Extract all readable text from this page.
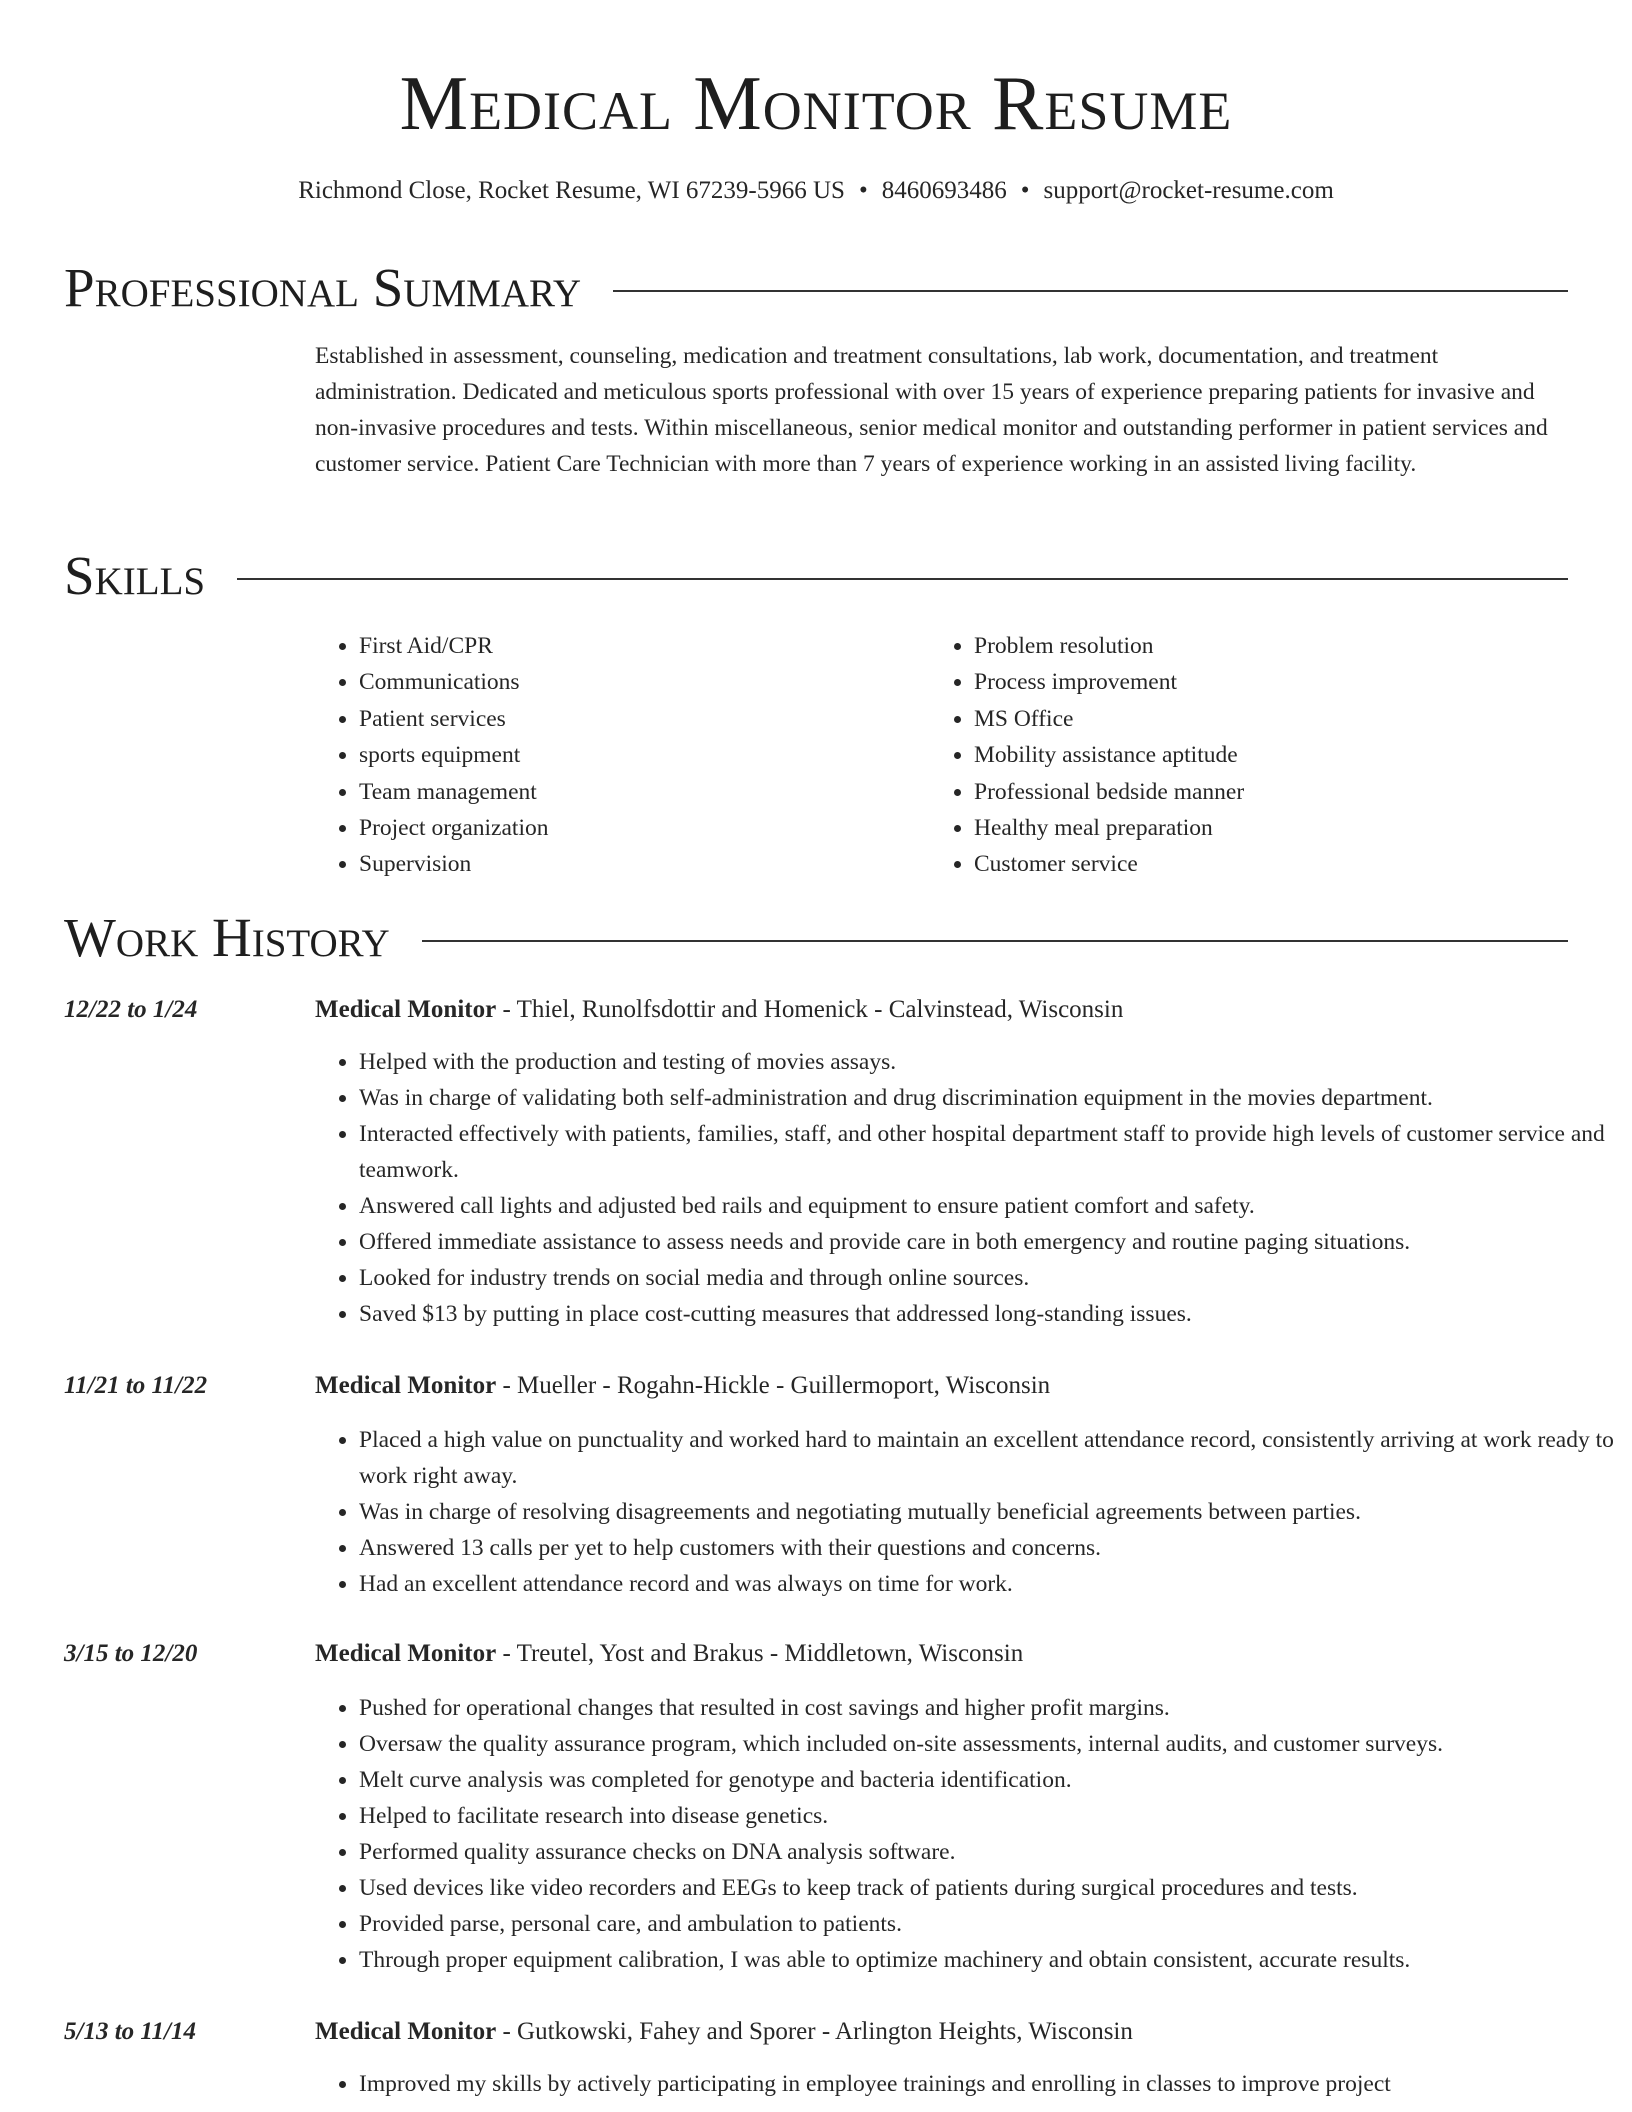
Medical Monitor Resume
Richmond Close, Rocket Resume, WI 67239-5966 US • 8460693486 • support@rocket-resume.com
Professional Summary
Established in assessment, counseling, medication and treatment consultations, lab work, documentation, and treatment administration. Dedicated and meticulous sports professional with over 15 years of experience preparing patients for invasive and non-invasive procedures and tests. Within miscellaneous, senior medical monitor and outstanding performer in patient services and customer service. Patient Care Technician with more than 7 years of experience working in an assisted living facility.
Skills
• First Aid/CPR
• Communications
• Patient services
• sports equipment
• Team management
• Project organization
• Supervision
• Problem resolution
• Process improvement
• MS Office
• Mobility assistance aptitude
• Professional bedside manner
• Healthy meal preparation
• Customer service
Work History
12/22 to 1/24	Medical Monitor - Thiel, Runolfsdottir and Homenick - Calvinstead, Wisconsin
• Helped with the production and testing of movies assays.
• Was in charge of validating both self-administration and drug discrimination equipment in the movies department.
• Interacted effectively with patients, families, staff, and other hospital department staff to provide high levels of customer service and teamwork.
• Answered call lights and adjusted bed rails and equipment to ensure patient comfort and safety.
• Offered immediate assistance to assess needs and provide care in both emergency and routine paging situations.
• Looked for industry trends on social media and through online sources.
• Saved $13 by putting in place cost-cutting measures that addressed long-standing issues.
11/21 to 11/22	Medical Monitor - Mueller - Rogahn-Hickle - Guillermoport, Wisconsin
• Placed a high value on punctuality and worked hard to maintain an excellent attendance record, consistently arriving at work ready to work right away.
• Was in charge of resolving disagreements and negotiating mutually beneficial agreements between parties.
• Answered 13 calls per yet to help customers with their questions and concerns.
• Had an excellent attendance record and was always on time for work.
3/15 to 12/20	Medical Monitor - Treutel, Yost and Brakus - Middletown, Wisconsin
• Pushed for operational changes that resulted in cost savings and higher profit margins.
• Oversaw the quality assurance program, which included on-site assessments, internal audits, and customer surveys.
• Melt curve analysis was completed for genotype and bacteria identification.
• Helped to facilitate research into disease genetics.
• Performed quality assurance checks on DNA analysis software.
• Used devices like video recorders and EEGs to keep track of patients during surgical procedures and tests.
• Provided parse, personal care, and ambulation to patients.
• Through proper equipment calibration, I was able to optimize machinery and obtain consistent, accurate results.
5/13 to 11/14	Medical Monitor - Gutkowski, Fahey and Sporer - Arlington Heights, Wisconsin
• Improved my skills by actively participating in employee trainings and enrolling in classes to improve project
